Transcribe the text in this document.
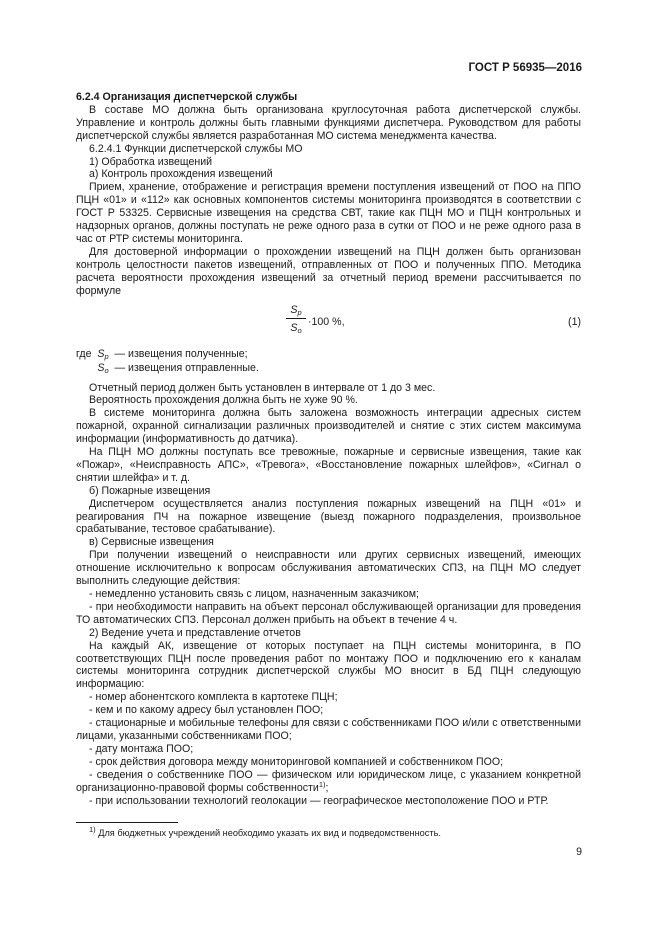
ГОСТ Р 56935—2016

6.2.4 Организация диспетчерской службы

В составе МО должна быть организована круглосуточная работа диспетчерской службы. Управление и контроль должны быть главными функциями диспетчера. Руководством для работы диспетчерской службы является разработанная МО система менеджмента качества.

6.2.4.1 Функции диспетчерской службы МО

1) Обработка извещений

а) Контроль прохождения извещений

Прием, хранение, отображение и регистрация времени поступления извещений от ПОО на ППО ПЦН «01» и «112» как основных компонентов системы мониторинга производятся в соответствии с ГОСТ Р 53325. Сервисные извещения на средства СВТ, такие как ПЦН МО и ПЦН контрольных и надзорных органов, должны поступать не реже одного раза в сутки от ПОО и не реже одного раза в час от РТР системы мониторинга.

Для достоверной информации о прохождении извещений на ПЦН должен быть организован контроль целостности пакетов извещений, отправленных от ПОО и полученных ППО. Методика расчета вероятности прохождения извещений за отчетный период времени рассчитывается по формуле

$S_р$
$S_о$
·100 %,	(1)
где $S_р$ — извещения полученные;
$S_о$ — извещения отправленные.

Отчетный период должен быть установлен в интервале от 1 до 3 мес.

Вероятность прохождения должна быть не хуже 90 %.

В системе мониторинга должна быть заложена возможность интеграции адресных систем пожарной, охранной сигнализации различных производителей и снятие с этих систем максимума информации (информативность до датчика).

На ПЦН МО должны поступать все тревожные, пожарные и сервисные извещения, такие как «Пожар», «Неисправность АПС», «Тревога», «Восстановление пожарных шлейфов», «Сигнал о снятии шлейфа» и т. д.

б) Пожарные извещения

Диспетчером осуществляется анализ поступления пожарных извещений на ПЦН «01» и реагирования ПЧ на пожарное извещение (выезд пожарного подразделения, произвольное срабатывание, тестовое срабатывание).

в) Сервисные извещения

При получении извещений о неисправности или других сервисных извещений, имеющих отношение исключительно к вопросам обслуживания автоматических СПЗ, на ПЦН МО следует выполнить следующие действия:

- немедленно установить связь с лицом, назначенным заказчиком;

- при необходимости направить на объект персонал обслуживающей организации для проведения ТО автоматических СПЗ. Персонал должен прибыть на объект в течение 4 ч.

2) Ведение учета и представление отчетов

На каждый АК, извещение от которых поступает на ПЦН системы мониторинга, в ПО соответствующих ПЦН после проведения работ по монтажу ПОО и подключению его к каналам системы мониторинга сотрудник диспетчерской службы МО вносит в БД ПЦН следующую информацию:

- номер абонентского комплекта в картотеке ПЦН;

- кем и по какому адресу был установлен ПОО;

- стационарные и мобильные телефоны для связи с собственниками ПОО и/или с ответственными лицами, указанными собственниками ПОО;

- дату монтажа ПОО;

- срок действия договора между мониторинговой компанией и собственником ПОО;

- сведения о собственнике ПОО — физическом или юридическом лице, с указанием конкретной организационно-правовой формы собственности$^{1)}$;

- при использовании технологий геолокации — географическое местоположение ПОО и РТР.

$^{1)}$ Для бюджетных учреждений необходимо указать их вид и подведомственность.
9
